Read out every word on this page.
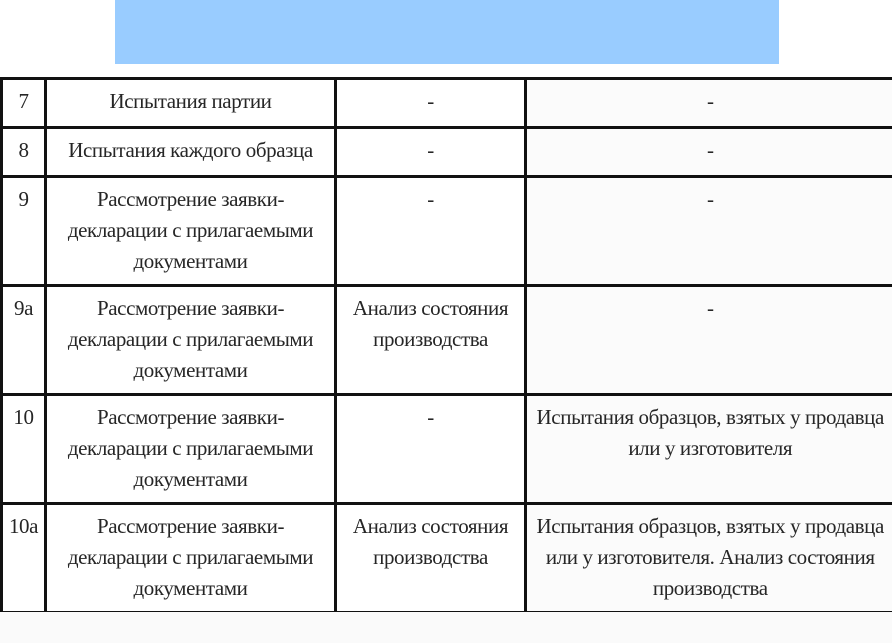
7	Испытания партии	-	-
8	Испытания каждого образца	-	-
9	Рассмотрение заявки-декларации с прилагаемыми документами	-	-
9а	Рассмотрение заявки-декларации с прилагаемыми документами	Анализ состояния производства	-
10	Рассмотрение заявки-декларации с прилагаемыми документами	-	Испытания образцов, взятых у продавца или у изготовителя
10а	Рассмотрение заявки-декларации с прилагаемыми документами	Анализ состояния производства	Испытания образцов, взятых у продавца или у изготовителя. Анализ состояния производства
